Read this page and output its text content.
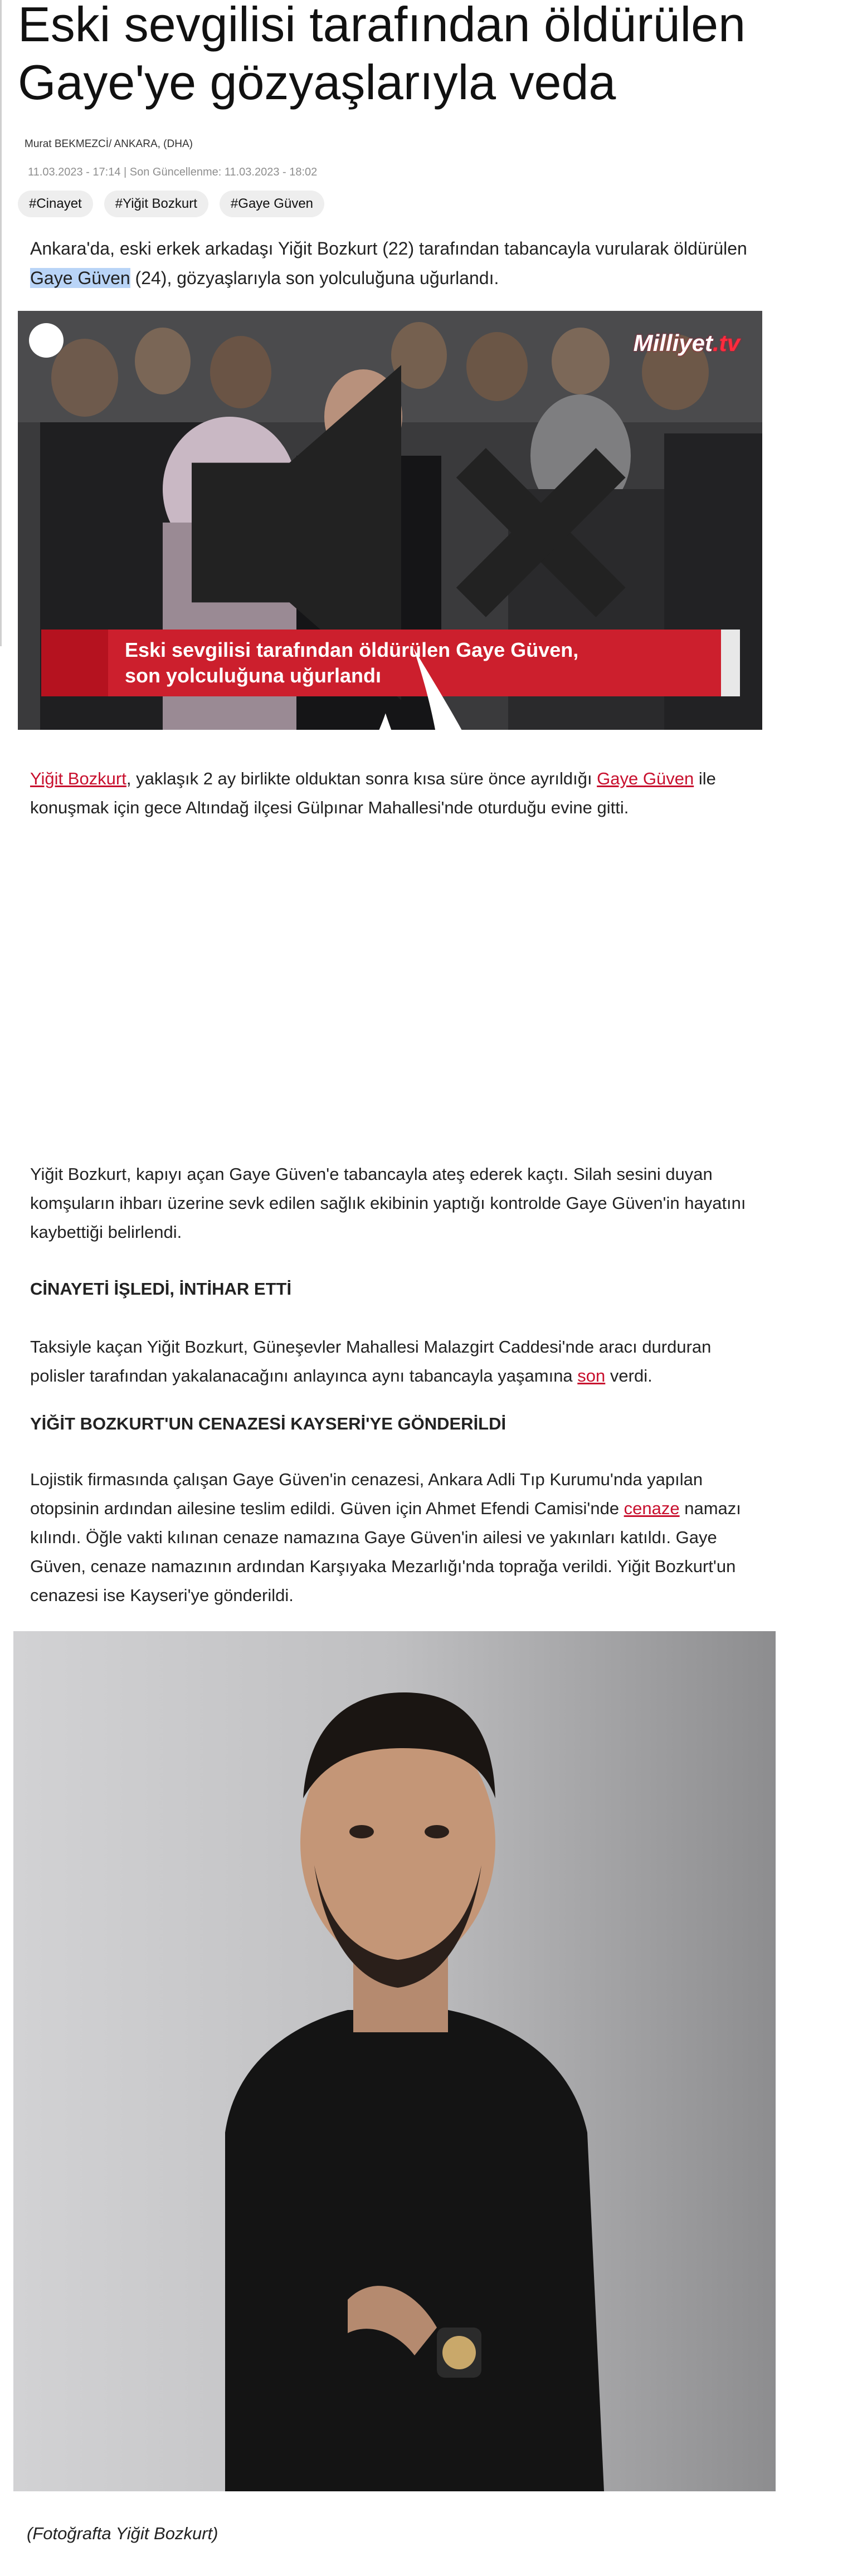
Eski sevgilisi tarafından öldürülen Gaye'ye gözyaşlarıyla veda
Murat BEKMEZCİ/ ANKARA, (DHA)
11.03.2023 - 17:14 | Son Güncellenme: 11.03.2023 - 18:02
#Cinayet	#Yiğit Bozkurt	#Gaye Güven

Ankara'da, eski erkek arkadaşı Yiğit Bozkurt (22) tarafından tabancayla vurularak öldürülen Gaye Güven (24), gözyaşlarıyla son yolculuğuna uğurlandı.

Milliyet.tv
Eski sevgilisi tarafından öldürülen Gaye Güven,
son yolculuğuna uğurlandı

Yiğit Bozkurt, yaklaşık 2 ay birlikte olduktan sonra kısa süre önce ayrıldığı Gaye Güven ile konuşmak için gece Altındağ ilçesi Gülpınar Mahallesi'nde oturduğu evine gitti.

Yiğit Bozkurt, kapıyı açan Gaye Güven'e tabancayla ateş ederek kaçtı. Silah sesini duyan komşuların ihbarı üzerine sevk edilen sağlık ekibinin yaptığı kontrolde Gaye Güven'in hayatını kaybettiği belirlendi.

CİNAYETİ İŞLEDİ, İNTİHAR ETTİ

Taksiyle kaçan Yiğit Bozkurt, Güneşevler Mahallesi Malazgirt Caddesi'nde aracı durduran polisler tarafından yakalanacağını anlayınca aynı tabancayla yaşamına son verdi.

YİĞİT BOZKURT'UN CENAZESİ KAYSERİ'YE GÖNDERİLDİ

Lojistik firmasında çalışan Gaye Güven'in cenazesi, Ankara Adli Tıp Kurumu'nda yapılan otopsinin ardından ailesine teslim edildi. Güven için Ahmet Efendi Camisi'nde cenaze namazı kılındı. Öğle vakti kılınan cenaze namazına Gaye Güven'in ailesi ve yakınları katıldı. Gaye Güven, cenaze namazının ardından Karşıyaka Mezarlığı'nda toprağa verildi. Yiğit Bozkurt'un cenazesi ise Kayseri'ye gönderildi.

(Fotoğrafta Yiğit Bozkurt)
